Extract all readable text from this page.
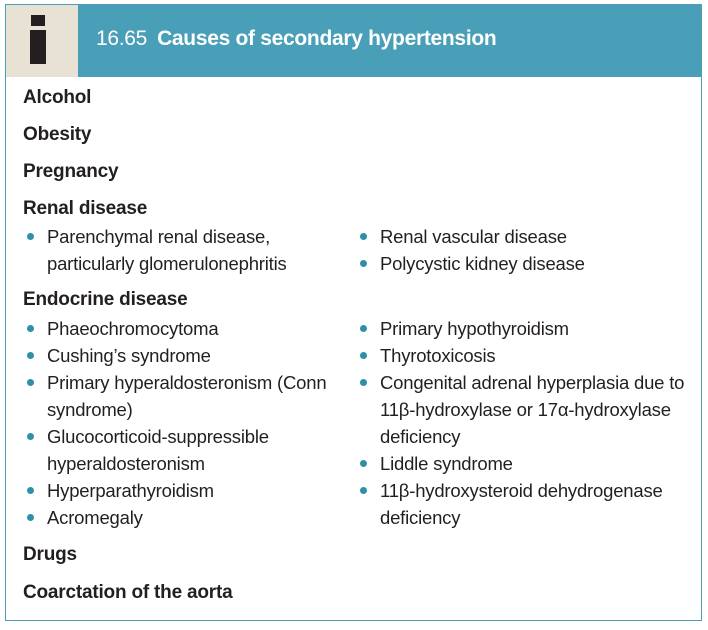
16.65 Causes of secondary hypertension
Alcohol
Obesity
Pregnancy
Renal disease
Parenchymal renal disease,
particularly glomerulonephritis
Renal vascular disease
Polycystic kidney disease
Endocrine disease
Phaeochromocytoma
Cushing’s syndrome
Primary hyperaldosteronism (Conn
syndrome)
Glucocorticoid-suppressible
hyperaldosteronism
Hyperparathyroidism
Acromegaly
Primary hypothyroidism
Thyrotoxicosis
Congenital adrenal hyperplasia due to
11β-hydroxylase or 17α-hydroxylase
deficiency
Liddle syndrome
11β-hydroxysteroid dehydrogenase
deficiency
Drugs
Coarctation of the aorta
